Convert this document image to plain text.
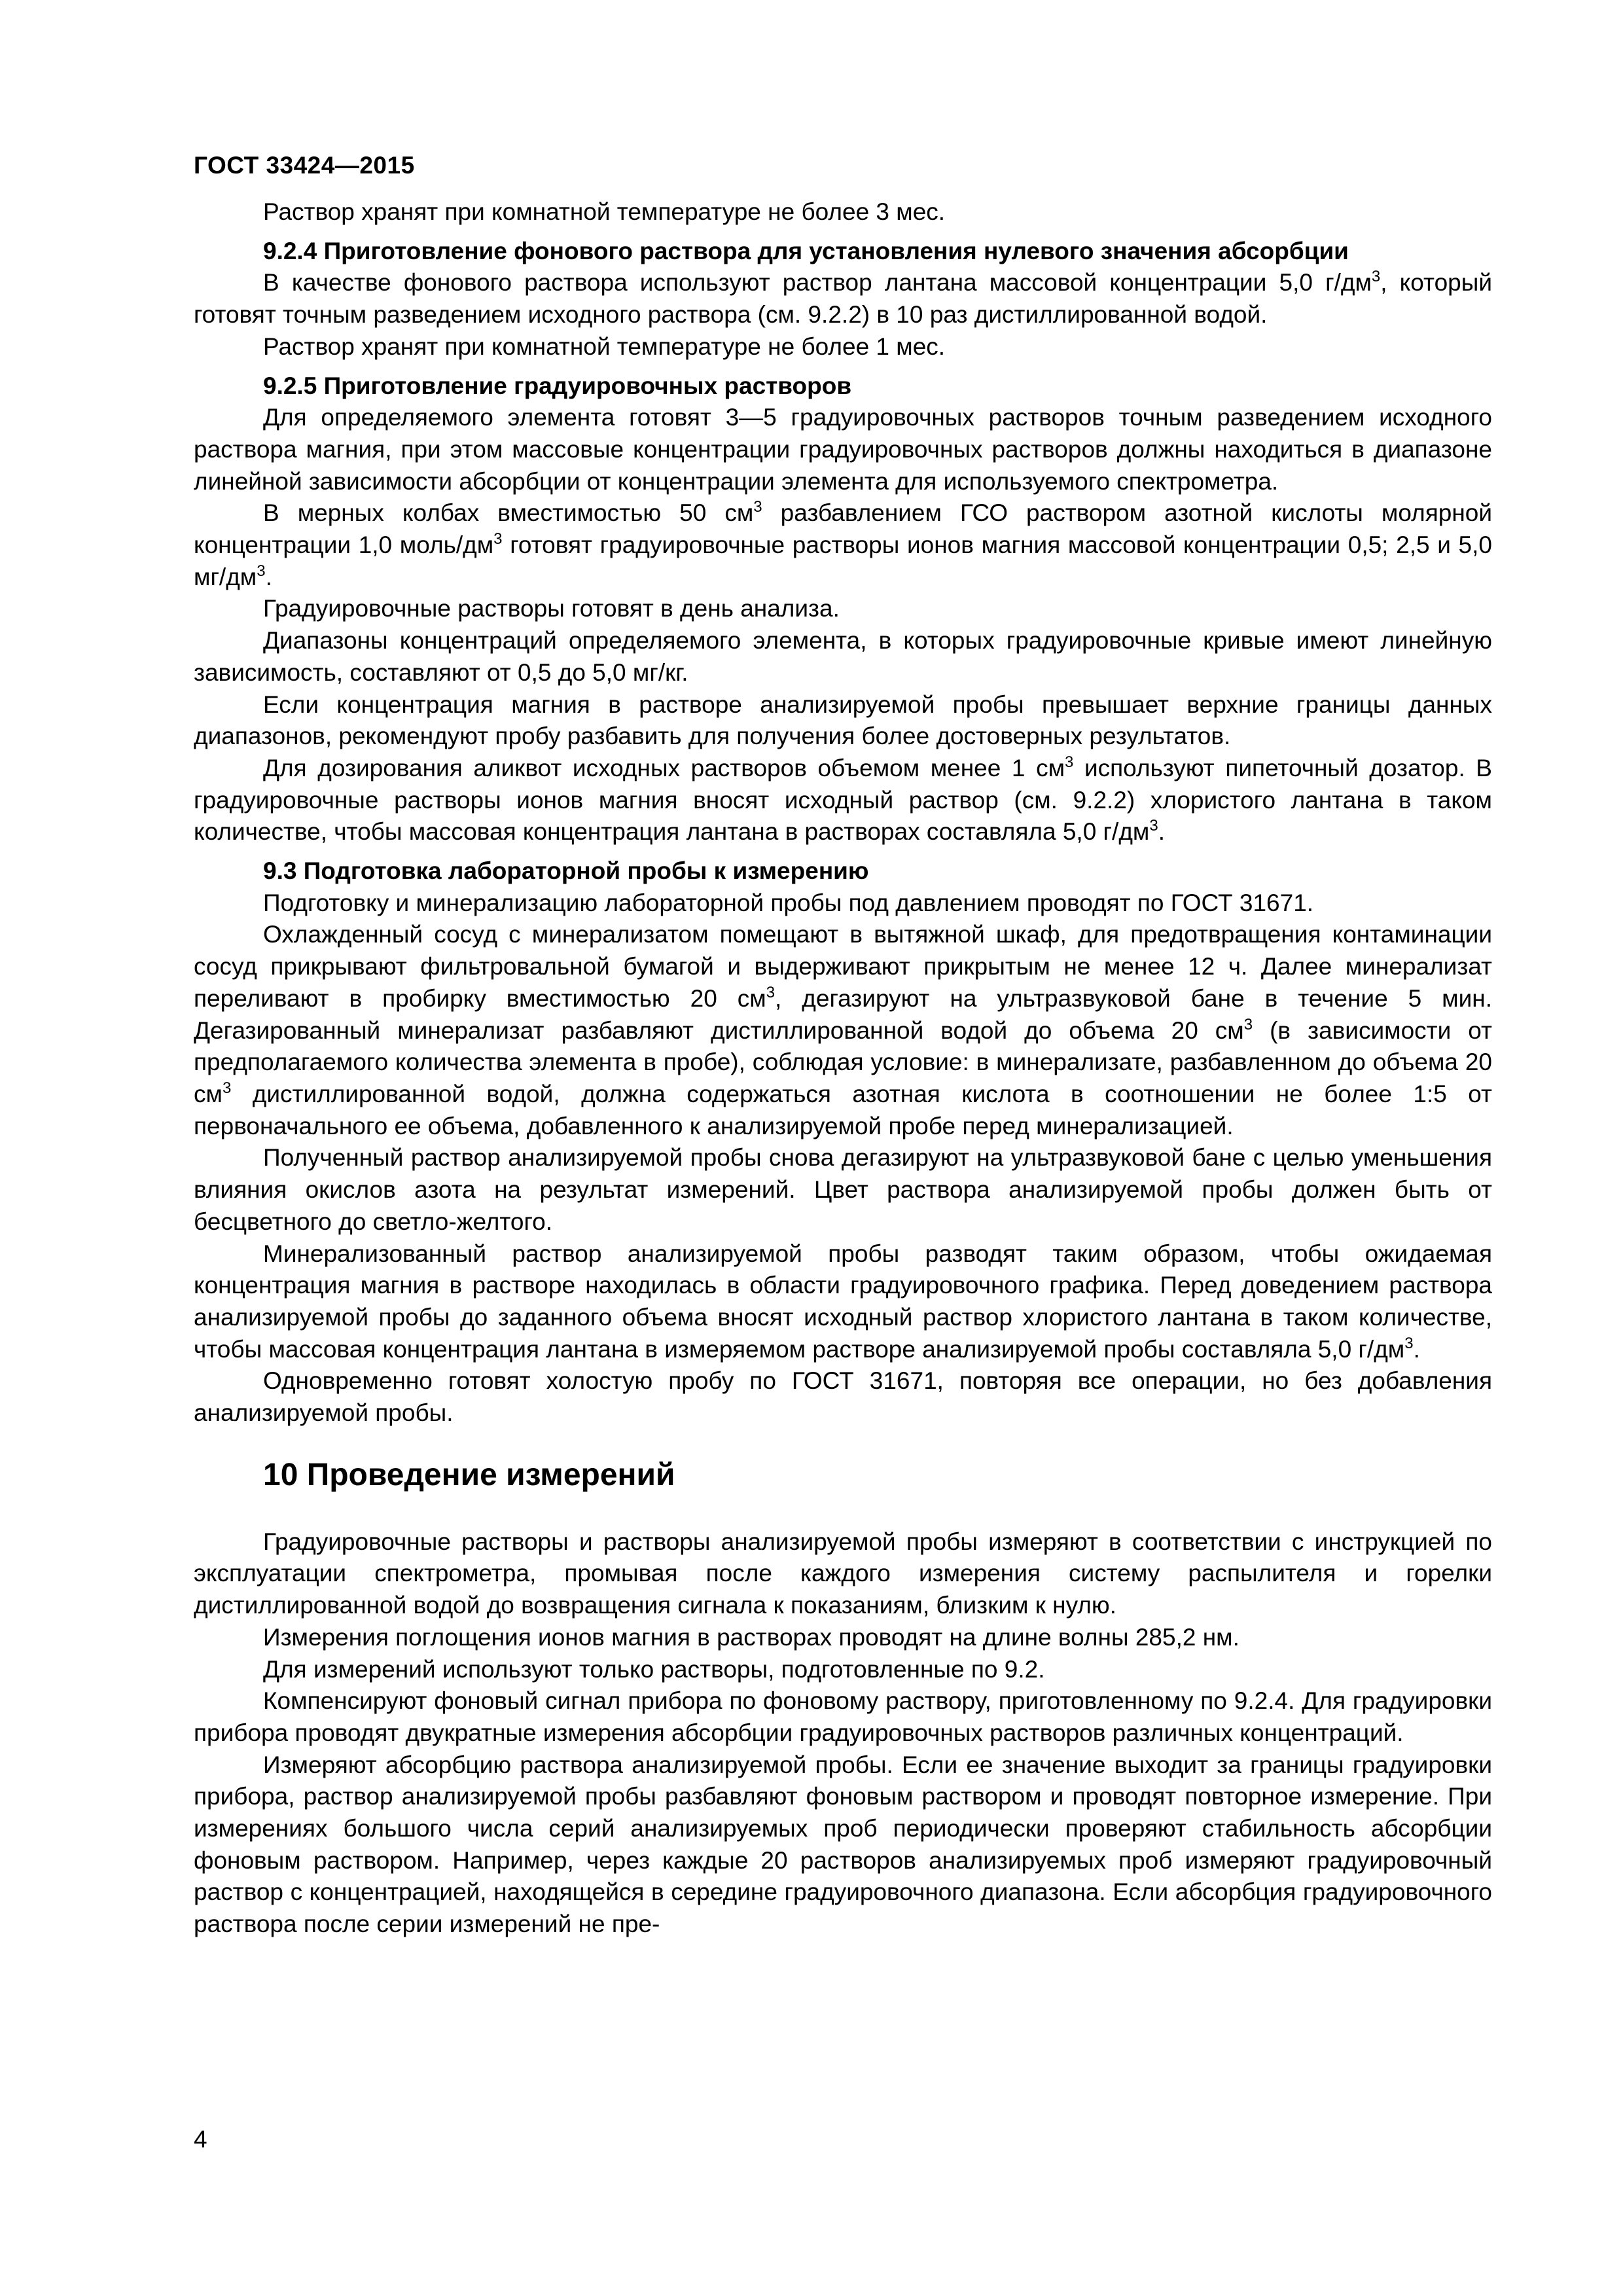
ГОСТ 33424—2015

Раствор хранят при комнатной температуре не более 3 мес.

9.2.4 Приготовление фонового раствора для установления нулевого значения абсорбции

В качестве фонового раствора используют раствор лантана массовой концентрации 5,0 $г/дм^3$, который готовят точным разведением исходного раствора (см. 9.2.2) в 10 раз дистиллированной водой.

Раствор хранят при комнатной температуре не более 1 мес.

9.2.5 Приготовление градуировочных растворов

Для определяемого элемента готовят 3—5 градуировочных растворов точным разведением исходного раствора магния, при этом массовые концентрации градуировочных растворов должны находиться в диапазоне линейной зависимости абсорбции от концентрации элемента для используемого спектрометра.

В мерных колбах вместимостью 50 $см^3$ разбавлением ГСО раствором азотной кислоты молярной концентрации 1,0 моль/$дм^3$ готовят градуировочные растворы ионов магния массовой концентрации 0,5; 2,5 и 5,0 $мг/дм^3$.

Градуировочные растворы готовят в день анализа.

Диапазоны концентраций определяемого элемента, в которых градуировочные кривые имеют линейную зависимость, составляют от 0,5 до 5,0 мг/кг.

Если концентрация магния в растворе анализируемой пробы превышает верхние границы данных диапазонов, рекомендуют пробу разбавить для получения более достоверных результатов.

Для дозирования аликвот исходных растворов объемом менее 1 $см^3$ используют пипеточный дозатор. В градуировочные растворы ионов магния вносят исходный раствор (см. 9.2.2) хлористого лантана в таком количестве, чтобы массовая концентрация лантана в растворах составляла 5,0 $г/дм^3$.

9.3 Подготовка лабораторной пробы к измерению

Подготовку и минерализацию лабораторной пробы под давлением проводят по ГОСТ 31671.

Охлажденный сосуд с минерализатом помещают в вытяжной шкаф, для предотвращения контаминации сосуд прикрывают фильтровальной бумагой и выдерживают прикрытым не менее 12 ч. Далее минерализат переливают в пробирку вместимостью 20 $см^3$, дегазируют на ультразвуковой бане в течение 5 мин. Дегазированный минерализат разбавляют дистиллированной водой до объема 20 $см^3$ (в зависимости от предполагаемого количества элемента в пробе), соблюдая условие: в минерализате, разбавленном до объема 20 $см^3$ дистиллированной водой, должна содержаться азотная кислота в соотношении не более 1:5 от первоначального ее объема, добавленного к анализируемой пробе перед минерализацией.

Полученный раствор анализируемой пробы снова дегазируют на ультразвуковой бане с целью уменьшения влияния окислов азота на результат измерений. Цвет раствора анализируемой пробы должен быть от бесцветного до светло-желтого.

Минерализованный раствор анализируемой пробы разводят таким образом, чтобы ожидаемая концентрация магния в растворе находилась в области градуировочного графика. Перед доведением раствора анализируемой пробы до заданного объема вносят исходный раствор хлористого лантана в таком количестве, чтобы массовая концентрация лантана в измеряемом растворе анализируемой пробы составляла 5,0 $г/дм^3$.

Одновременно готовят холостую пробу по ГОСТ 31671, повторяя все операции, но без добавления анализируемой пробы.

10 Проведение измерений

Градуировочные растворы и растворы анализируемой пробы измеряют в соответствии с инструкцией по эксплуатации спектрометра, промывая после каждого измерения систему распылителя и горелки дистиллированной водой до возвращения сигнала к показаниям, близким к нулю.

Измерения поглощения ионов магния в растворах проводят на длине волны 285,2 нм.

Для измерений используют только растворы, подготовленные по 9.2.

Компенсируют фоновый сигнал прибора по фоновому раствору, приготовленному по 9.2.4. Для градуировки прибора проводят двукратные измерения абсорбции градуировочных растворов различных концентраций.

Измеряют абсорбцию раствора анализируемой пробы. Если ее значение выходит за границы градуировки прибора, раствор анализируемой пробы разбавляют фоновым раствором и проводят повторное измерение. При измерениях большого числа серий анализируемых проб периодически проверяют стабильность абсорбции фоновым раствором. Например, через каждые 20 растворов анализируемых проб измеряют градуировочный раствор с концентрацией, находящейся в середине градуировочного диапазона. Если абсорбция градуировочного раствора после серии измерений не пре-

4
